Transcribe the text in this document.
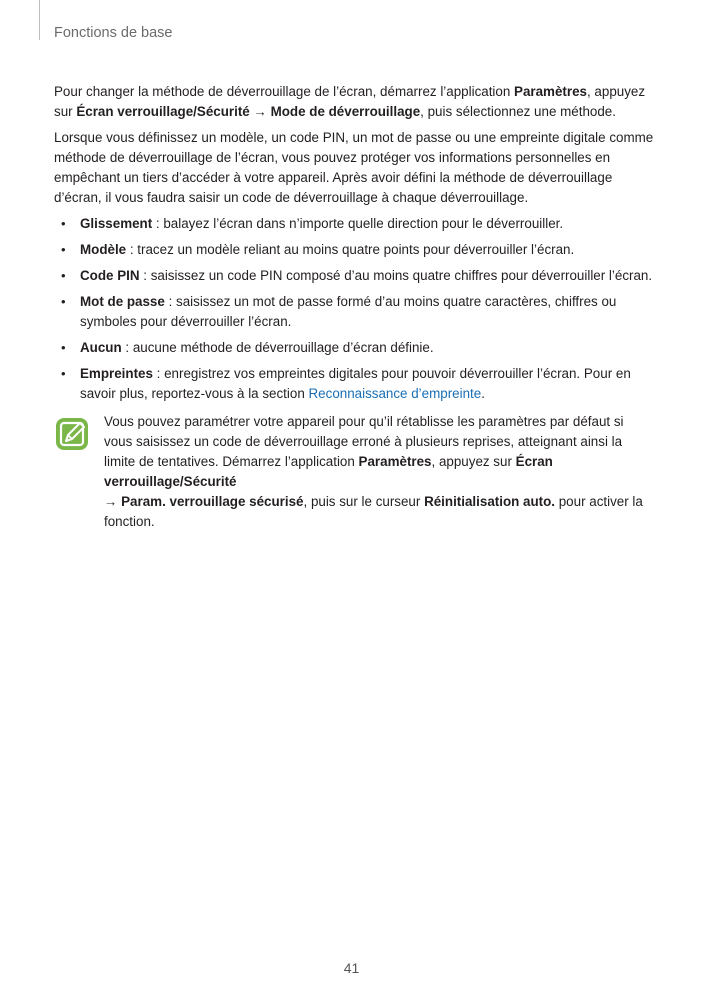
Fonctions de base

Pour changer la méthode de déverrouillage de l’écran, démarrez l’application Paramètres, appuyez sur Écran verrouillage/Sécurité → Mode de déverrouillage, puis sélectionnez une méthode.

Lorsque vous définissez un modèle, un code PIN, un mot de passe ou une empreinte digitale comme méthode de déverrouillage de l’écran, vous pouvez protéger vos informations personnelles en empêchant un tiers d’accéder à votre appareil. Après avoir défini la méthode de déverrouillage d’écran, il vous faudra saisir un code de déverrouillage à chaque déverrouillage.

• Glissement : balayez l’écran dans n’importe quelle direction pour le déverrouiller.
• Modèle : tracez un modèle reliant au moins quatre points pour déverrouiller l’écran.
• Code PIN : saisissez un code PIN composé d’au moins quatre chiffres pour déverrouiller l’écran.
• Mot de passe : saisissez un mot de passe formé d’au moins quatre caractères, chiffres ou symboles pour déverrouiller l’écran.
• Aucun : aucune méthode de déverrouillage d’écran définie.
• Empreintes : enregistrez vos empreintes digitales pour pouvoir déverrouiller l’écran. Pour en savoir plus, reportez-vous à la section Reconnaissance d’empreinte.
Vous pouvez paramétrer votre appareil pour qu’il rétablisse les paramètres par défaut si vous saisissez un code de déverrouillage erroné à plusieurs reprises, atteignant ainsi la limite de tentatives. Démarrez l’application Paramètres, appuyez sur Écran verrouillage/Sécurité
→ Param. verrouillage sécurisé, puis sur le curseur Réinitialisation auto. pour activer la fonction.
41
